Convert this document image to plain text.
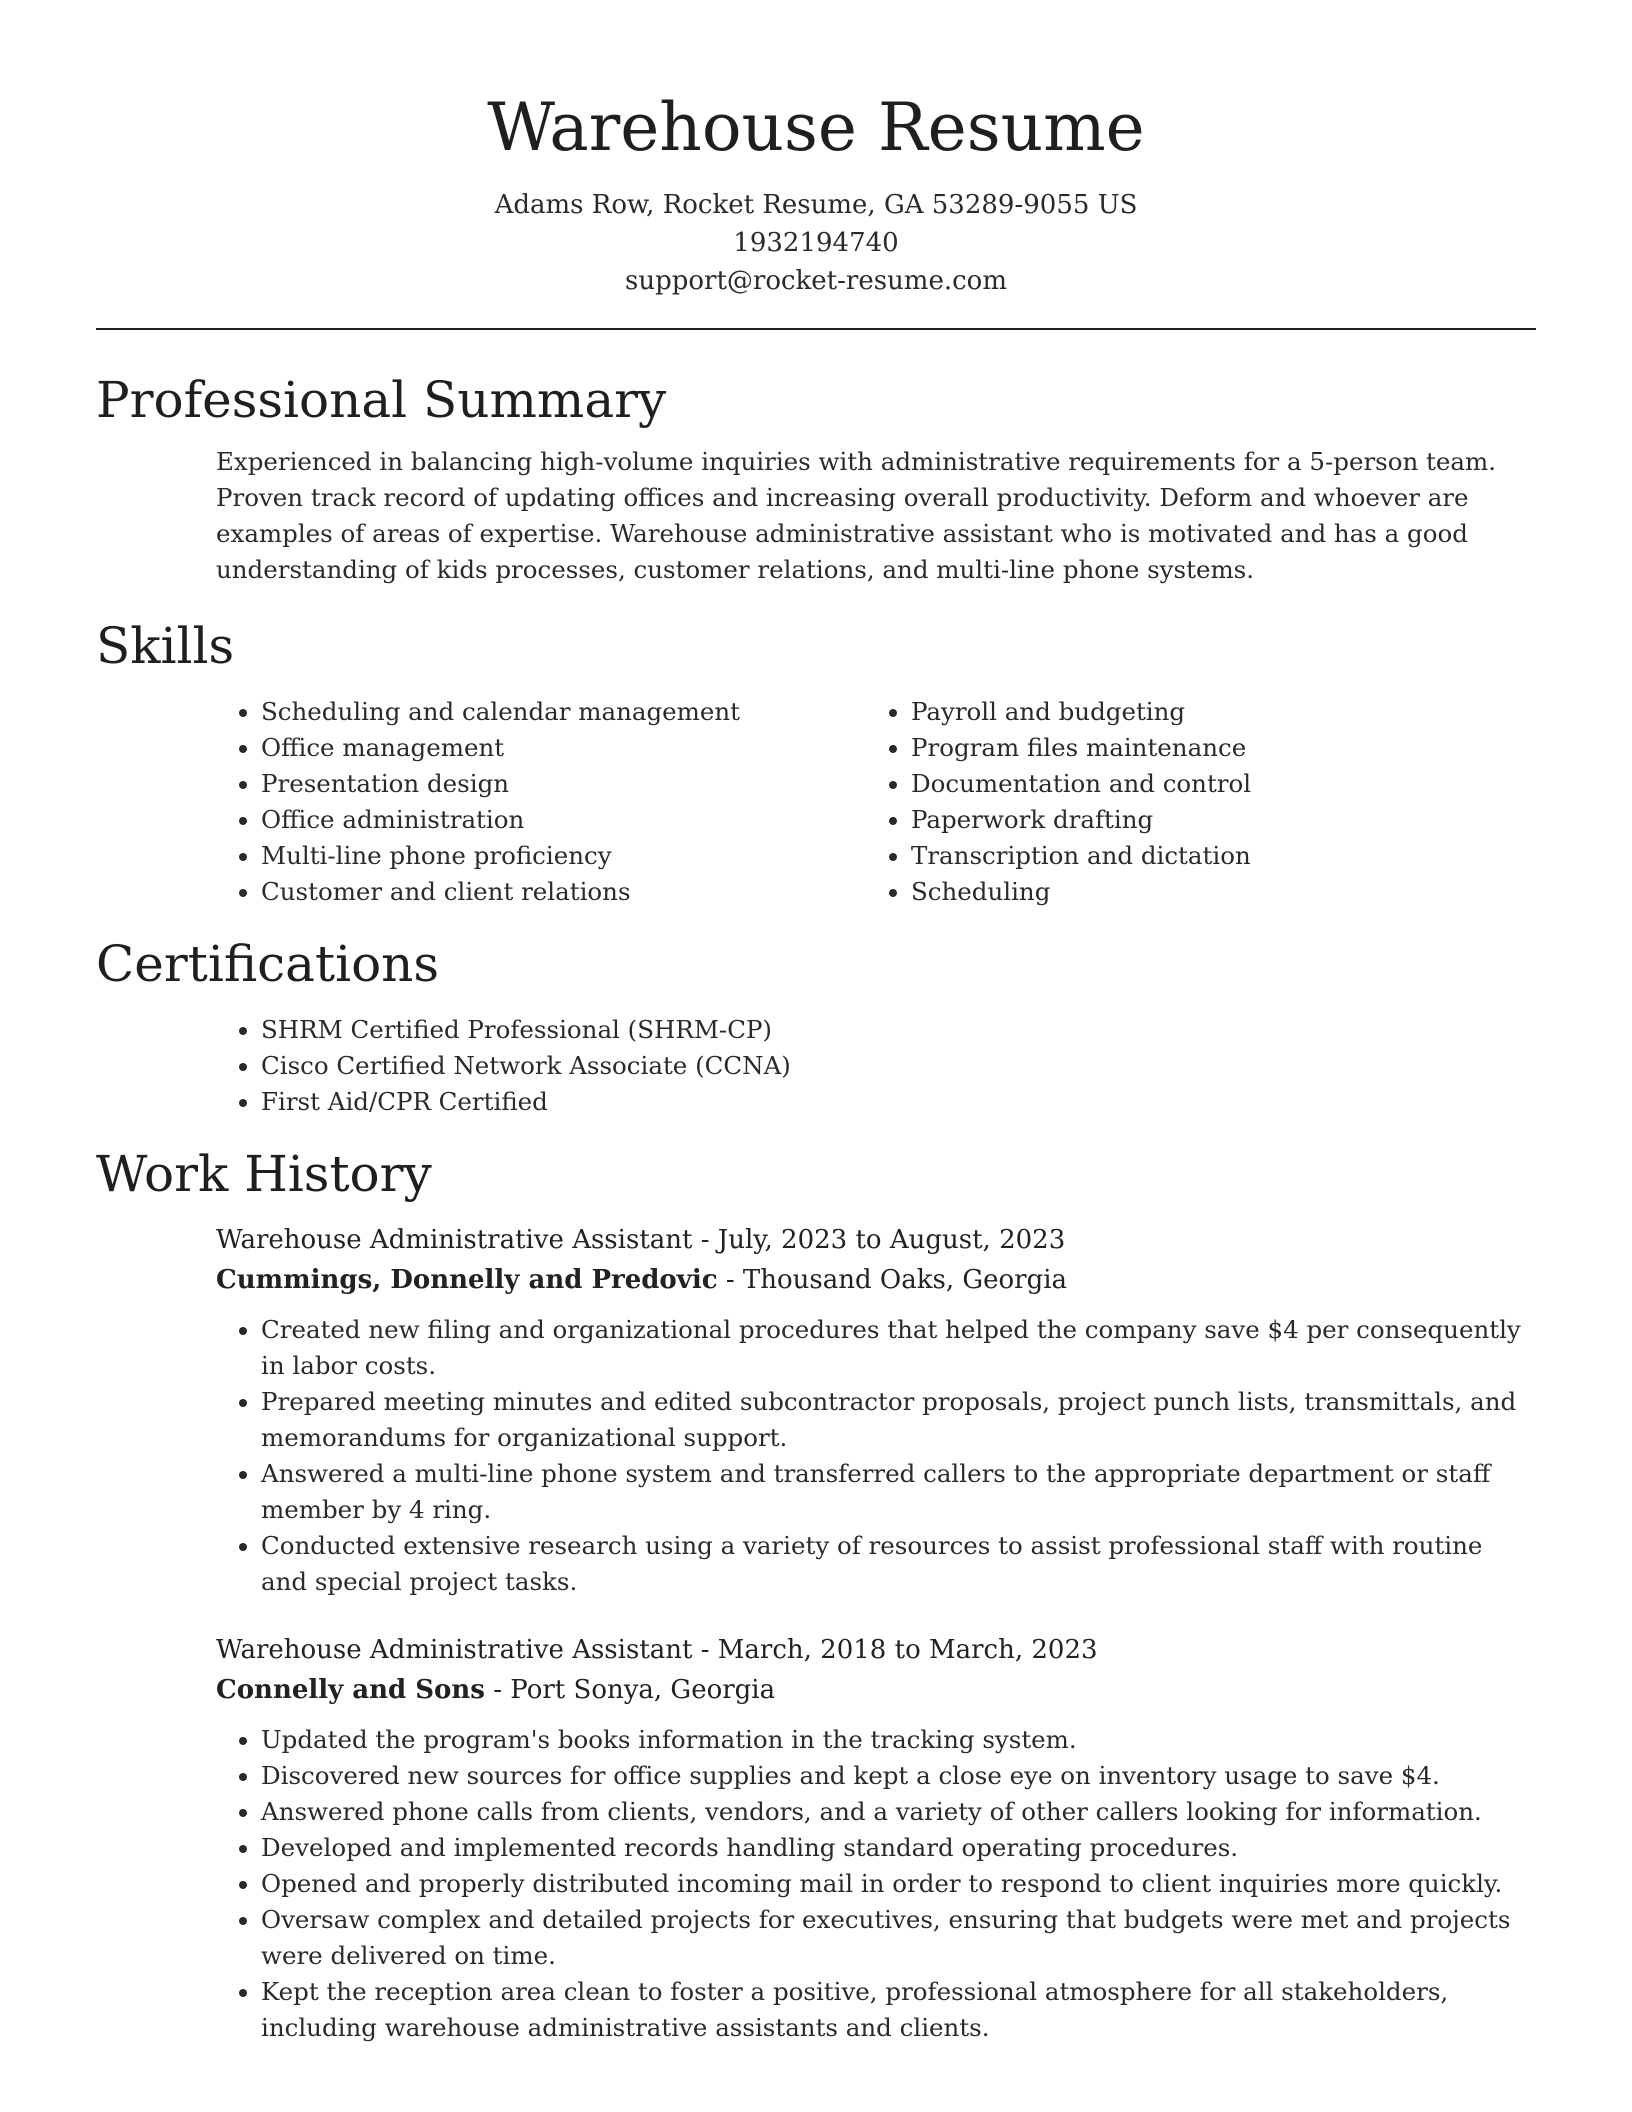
Warehouse Resume
Adams Row, Rocket Resume, GA 53289-9055 US
1932194740
support@rocket-resume.com
Professional Summary
Experienced in balancing high-volume inquiries with administrative requirements for a 5-person team. Proven track record of updating offices and increasing overall productivity. Deform and whoever are examples of areas of expertise. Warehouse administrative assistant who is motivated and has a good understanding of kids processes, customer relations, and multi-line phone systems.
Skills
• Scheduling and calendar management
• Office management
• Presentation design
• Office administration
• Multi-line phone proficiency
• Customer and client relations
• Payroll and budgeting
• Program files maintenance
• Documentation and control
• Paperwork drafting
• Transcription and dictation
• Scheduling
Certifications
• SHRM Certified Professional (SHRM-CP)
• Cisco Certified Network Associate (CCNA)
• First Aid/CPR Certified
Work History
Warehouse Administrative Assistant - July, 2023 to August, 2023
Cummings, Donnelly and Predovic - Thousand Oaks, Georgia
• Created new filing and organizational procedures that helped the company save $4 per consequently in labor costs.
• Prepared meeting minutes and edited subcontractor proposals, project punch lists, transmittals, and memorandums for organizational support.
• Answered a multi-line phone system and transferred callers to the appropriate department or staff member by 4 ring.
• Conducted extensive research using a variety of resources to assist professional staff with routine and special project tasks.
Warehouse Administrative Assistant - March, 2018 to March, 2023
Connelly and Sons - Port Sonya, Georgia
• Updated the program's books information in the tracking system.
• Discovered new sources for office supplies and kept a close eye on inventory usage to save $4.
• Answered phone calls from clients, vendors, and a variety of other callers looking for information.
• Developed and implemented records handling standard operating procedures.
• Opened and properly distributed incoming mail in order to respond to client inquiries more quickly.
• Oversaw complex and detailed projects for executives, ensuring that budgets were met and projects were delivered on time.
• Kept the reception area clean to foster a positive, professional atmosphere for all stakeholders, including warehouse administrative assistants and clients.
